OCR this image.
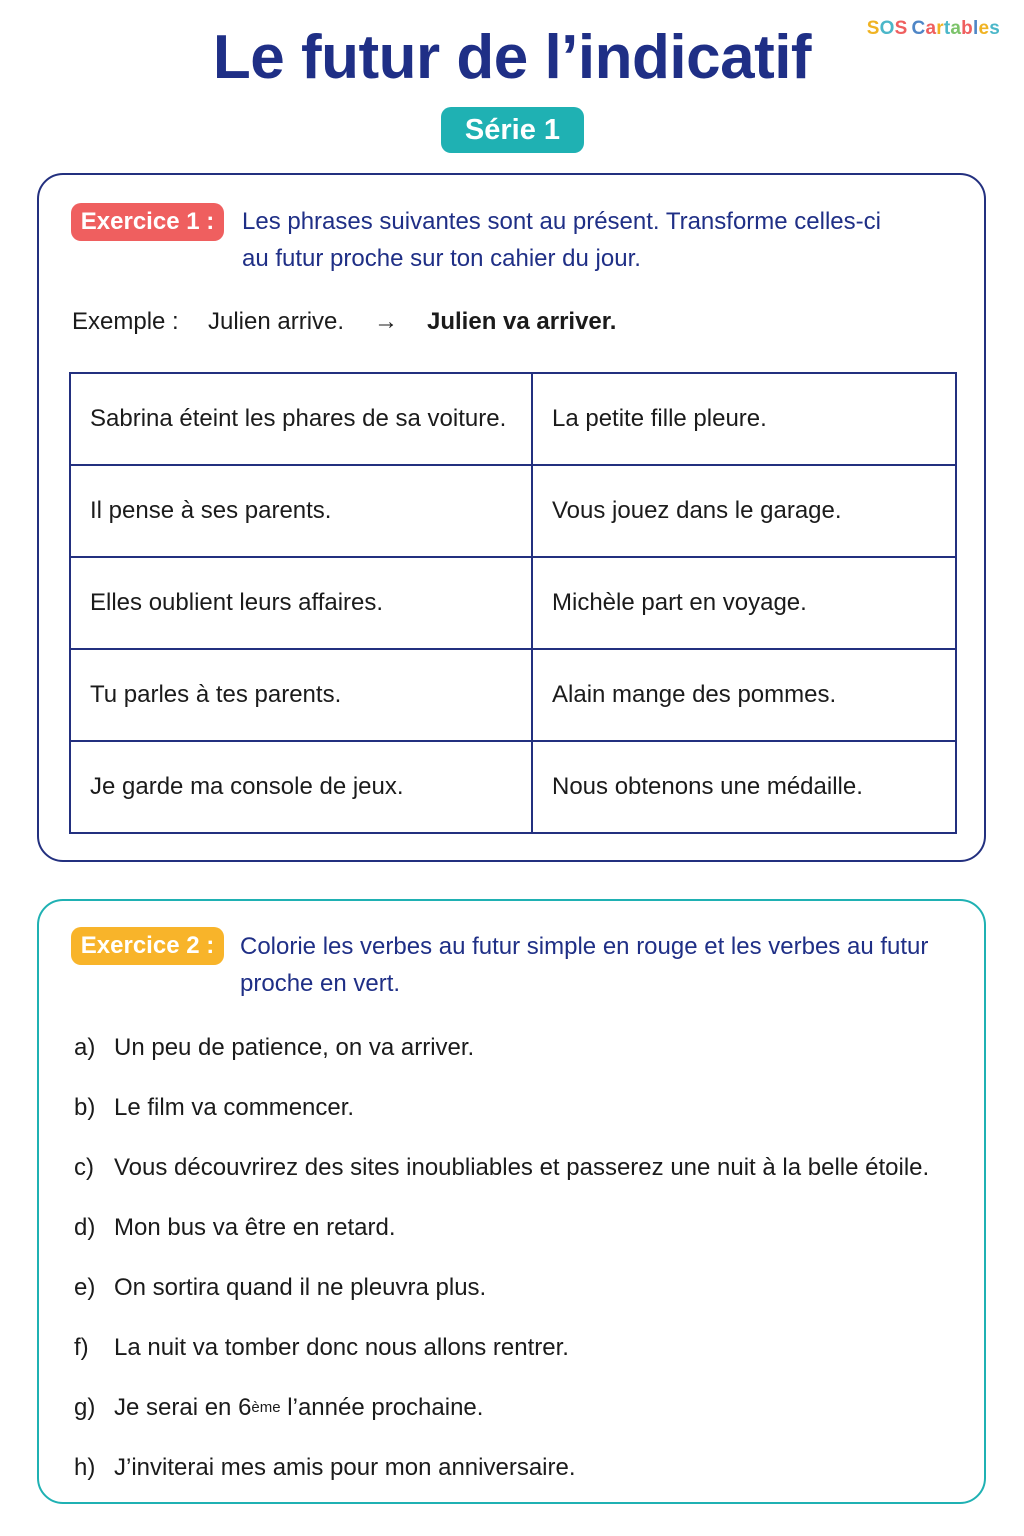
SOS Cartables
Le futur de l’indicatif
Série 1
Exercice 1 :	Les phrases suivantes sont au présent. Transforme celles-ci
au futur proche sur ton cahier du jour.
Exemple : Julien arrive. → Julien va arriver.
Sabrina éteint les phares de sa voiture.	La petite fille pleure.
Il pense à ses parents.	Vous jouez dans le garage.
Elles oublient leurs affaires.	Michèle part en voyage.
Tu parles à tes parents.	Alain mange des pommes.
Je garde ma console de jeux.	Nous obtenons une médaille.
Exercice 2 :	Colorie les verbes au futur simple en rouge et les verbes au futur
proche en vert.
a) Un peu de patience, on va arriver.
b) Le film va commencer.
c) Vous découvrirez des sites inoubliables et passerez une nuit à la belle étoile.
d) Mon bus va être en retard.
e) On sortira quand il ne pleuvra plus.
f)	La nuit va tomber donc nous allons rentrer.
g) Je serai en 6 ème l’année prochaine.
h) J’inviterai mes amis pour mon anniversaire.
